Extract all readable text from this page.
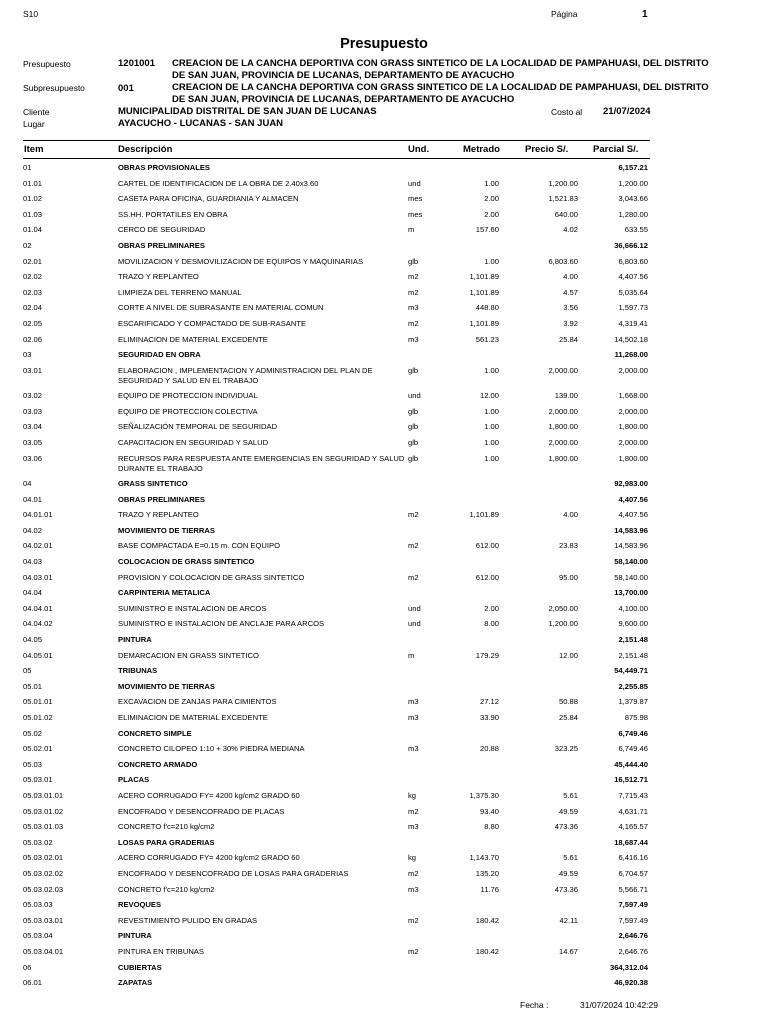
S10	Página	1
Presupuesto
Presupuesto	1201001 CREACION DE LA CANCHA DEPORTIVA CON GRASS SINTETICO DE LA LOCALIDAD DE PAMPAHUASI, DEL DISTRITO
DE SAN JUAN, PROVINCIA DE LUCANAS, DEPARTAMENTO DE AYACUCHO
Subpresupuesto	001	CREACION DE LA CANCHA DEPORTIVA CON GRASS SINTETICO DE LA LOCALIDAD DE PAMPAHUASI, DEL DISTRITO
DE SAN JUAN, PROVINCIA DE LUCANAS, DEPARTAMENTO DE AYACUCHO
Cliente	MUNICIPALIDAD DISTRITAL DE SAN JUAN DE LUCANAS	Costo al 21/07/2024
Lugar	AYACUCHO - LUCANAS - SAN JUAN
Item	Descripción	Und.	Metrado	Precio S/.	Parcial S/.
01	OBRAS PROVISIONALES	6,157.21
01.01	CARTEL DE IDENTIFICACION DE LA OBRA DE 2.40x3.60	und	1.00	1,200.00	1,200.00
01.02	CASETA PARA OFICINA, GUARDIANIA Y ALMACEN	mes	2.00	1,521.83	3,043.66
01.03	SS.HH. PORTATILES EN OBRA	mes	2.00	640.00	1,280.00
01.04	CERCO DE SEGURIDAD	m	157.60	4.02	633.55
02	OBRAS PRELIMINARES	36,666.12
02.01	MOVILIZACION Y DESMOVILIZACION DE EQUIPOS Y MAQUINARIAS	glb	1.00	6,803.60	6,803.60
02.02	TRAZO Y REPLANTEO	m2	1,101.89	4.00	4,407.56
02.03	LIMPIEZA DEL TERRENO MANUAL	m2	1,101.89	4.57	5,035.64
02.04	CORTE A NIVEL DE SUBRASANTE EN MATERIAL COMUN	m3	448.80	3.56	1,597.73
02.05	ESCARIFICADO Y COMPACTADO DE SUB-RASANTE	m2	1,101.89	3.92	4,319.41
02.06	ELIMINACION DE MATERIAL EXCEDENTE	m3	561.23	25.84	14,502.18
03	SEGURIDAD EN OBRA	11,268.00
03.01	ELABORACION , IMPLEMENTACION Y ADMINISTRACION DEL PLAN DE SEGURIDAD Y SALUD EN EL TRABAJO
glb	1.00	2,000.00	2,000.00
03.02	EQUIPO DE PROTECCION INDIVIDUAL	und	12.00	139.00	1,668.00
03.03	EQUIPO DE PROTECCION COLECTIVA	glb	1.00	2,000.00	2,000.00
03.04	SEÑALIZACIÓN TEMPORAL DE SEGURIDAD	glb	1.00	1,800.00	1,800.00
03.05	CAPACITACION EN SEGURIDAD Y SALUD	glb	1.00	2,000.00	2,000.00
03.06	RECURSOS PARA RESPUESTA ANTE EMERGENCIAS EN SEGURIDAD Y SALUD DURANTE EL TRABAJO
glb	1.00	1,800.00	1,800.00
04	GRASS SINTETICO	92,983.00
04.01	OBRAS PRELIMINARES	4,407.56
04.01.01	TRAZO Y REPLANTEO	m2	1,101.89	4.00	4,407.56
04.02	MOVIMIENTO DE TIERRAS	14,583.96
04.02.01	BASE COMPACTADA E=0.15 m. CON EQUIPO	m2	612.00	23.83	14,583.96
04.03	COLOCACION DE GRASS SINTETICO	58,140.00
04.03.01	PROVISION Y COLOCACION DE GRASS SINTETICO	m2	612.00	95.00	58,140.00
04.04	CARPINTERIA METALICA	13,700.00
04.04.01	SUMINISTRO E INSTALACION DE ARCOS	und	2.00	2,050.00	4,100.00
04.04.02	SUMINISTRO E INSTALACION DE ANCLAJE PARA ARCOS	und	8.00	1,200.00	9,600.00
04.05	PINTURA	2,151.48
04.05.01	DEMARCACION EN GRASS SINTETICO	m	179.29	12.00	2,151.48
05	TRIBUNAS	54,449.71
05.01	MOVIMIENTO DE TIERRAS	2,255.85
05.01.01	EXCAVACION DE ZANJAS PARA CIMIENTOS	m3	27.12	50.88	1,379.87
05.01.02	ELIMINACION DE MATERIAL EXCEDENTE	m3	33.90	25.84	875.98
05.02	CONCRETO SIMPLE	6,749.46
05.02.01	CONCRETO CILOPEO 1:10 + 30% PIEDRA MEDIANA	m3	20.88	323.25	6,749.46
05.03	CONCRETO ARMADO	45,444.40
05.03.01	PLACAS	16,512.71
05.03.01.01	ACERO CORRUGADO FY= 4200 kg/cm2 GRADO 60	kg	1,375.30	5.61	7,715.43
05.03.01.02	ENCOFRADO Y DESENCOFRADO DE PLACAS	m2	93.40	49.59	4,631.71
05.03.01.03	CONCRETO f'c=210 kg/cm2	m3	8.80	473.36	4,165.57
05.03.02	LOSAS PARA GRADERIAS	18,687.44
05.03.02.01	ACERO CORRUGADO FY= 4200 kg/cm2 GRADO 60	kg	1,143.70	5.61	6,416.16
05.03.02.02	ENCOFRADO Y DESENCOFRADO DE LOSAS PARA GRADERIAS	m2	135.20	49.59	6,704.57
05.03.02.03	CONCRETO f'c=210 kg/cm2	m3	11.76	473.36	5,566.71
05.03.03	REVOQUES	7,597.49
05.03.03.01	REVESTIMIENTO PULIDO EN GRADAS	m2	180.42	42.11	7,597.49
05.03.04	PINTURA	2,646.76
05.03.04.01	PINTURA EN TRIBUNAS	m2	180.42	14.67	2,646.76
06	CUBIERTAS	364,312.04
06.01	ZAPATAS	46,920.38
Fecha :	31/07/2024 10:42:29
